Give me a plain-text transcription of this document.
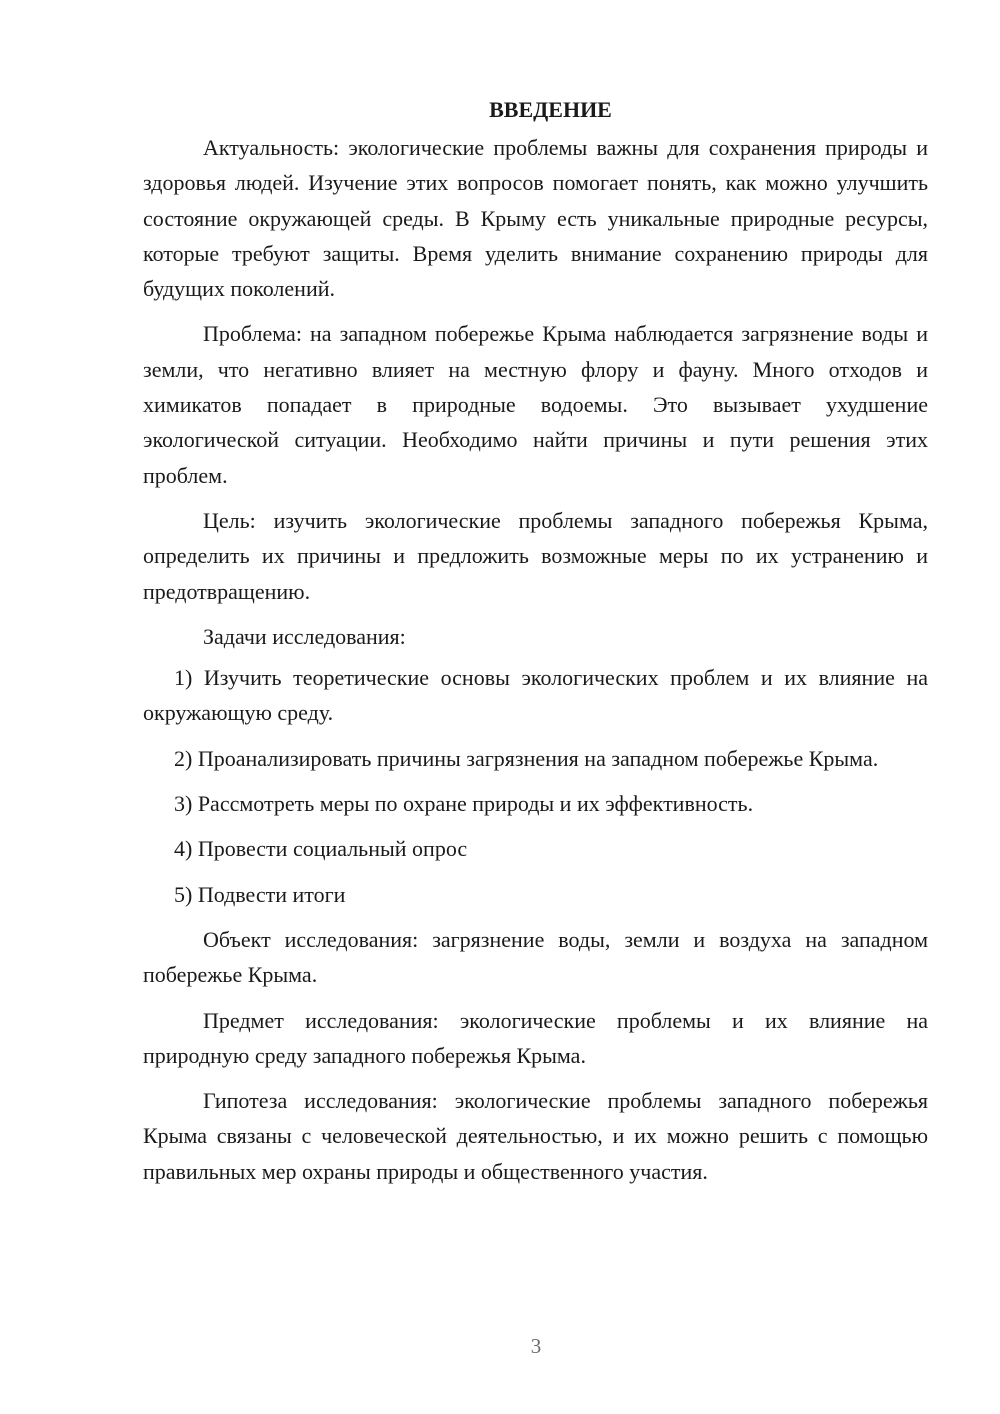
ВВЕДЕНИЕ

Актуальность: экологические проблемы важны для сохранения природы и здоровья людей. Изучение этих вопросов помогает понять, как можно улучшить состояние окружающей среды. В Крыму есть уникальные природные ресурсы, которые требуют защиты. Время уделить внимание сохранению природы для будущих поколений.

Проблема: на западном побережье Крыма наблюдается загрязнение воды и земли, что негативно влияет на местную флору и фауну. Много отходов и химикатов попадает в природные водоемы. Это вызывает ухудшение экологической ситуации. Необходимо найти причины и пути решения этих проблем.

Цель: изучить экологические проблемы западного побережья Крыма, определить их причины и предложить возможные меры по их устранению и предотвращению.

Задачи исследования:

1) Изучить теоретические основы экологических проблем и их влияние на окружающую среду.

2) Проанализировать причины загрязнения на западном побережье Крыма.

3) Рассмотреть меры по охране природы и их эффективность.

4) Провести социальный опрос

5) Подвести итоги

Объект исследования: загрязнение воды, земли и воздуха на западном побережье Крыма.

Предмет исследования: экологические проблемы и их влияние на природную среду западного побережья Крыма.

Гипотеза исследования: экологические проблемы западного побережья Крыма связаны с человеческой деятельностью, и их можно решить с помощью правильных мер охраны природы и общественного участия.

3
